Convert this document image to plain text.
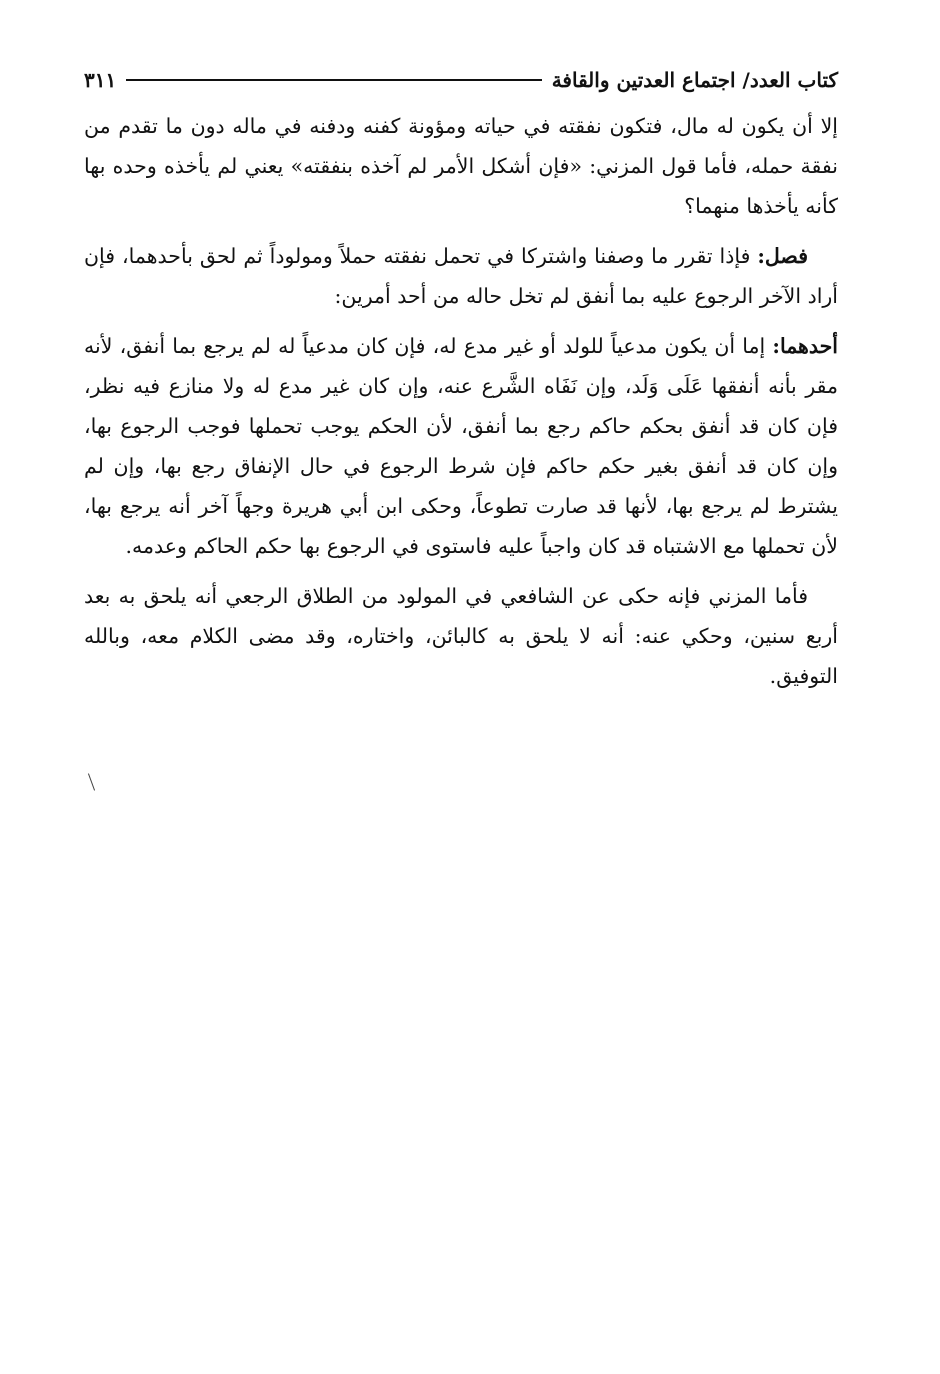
كتاب العدد/ اجتماع العدتين والقافة
٣١١

إلا أن يكون له مال، فتكون نفقته في حياته ومؤونة كفنه ودفنه في ماله دون ما تقدم من نفقة حمله، فأما قول المزني: «فإن أشكل الأمر لم آخذه بنفقته» يعني لم يأخذه وحده بها كأنه يأخذها منهما؟

فصل: فإذا تقرر ما وصفنا واشتركا في تحمل نفقته حملاً ومولوداً ثم لحق بأحدهما، فإن أراد الآخر الرجوع عليه بما أنفق لم تخل حاله من أحد أمرين:

أحدهما: إما أن يكون مدعياً للولد أو غير مدع له، فإن كان مدعياً له لم يرجع بما أنفق، لأنه مقر بأنه أنفقها عَلَى وَلَد، وإن نَفَاه الشَّرع عنه، وإن كان غير مدع له ولا منازع فيه نظر، فإن كان قد أنفق بحكم حاكم رجع بما أنفق، لأن الحكم يوجب تحملها فوجب الرجوع بها، وإن كان قد أنفق بغير حكم حاكم فإن شرط الرجوع في حال الإنفاق رجع بها، وإن لم يشترط لم يرجع بها، لأنها قد صارت تطوعاً، وحكى ابن أبي هريرة وجهاً آخر أنه يرجع بها، لأن تحملها مع الاشتباه قد كان واجباً عليه فاستوى في الرجوع بها حكم الحاكم وعدمه.

فأما المزني فإنه حكى عن الشافعي في المولود من الطلاق الرجعي أنه يلحق به بعد أربع سنين، وحكي عنه: أنه لا يلحق به كالبائن، واختاره، وقد مضى الكلام معه، وبالله التوفيق.
